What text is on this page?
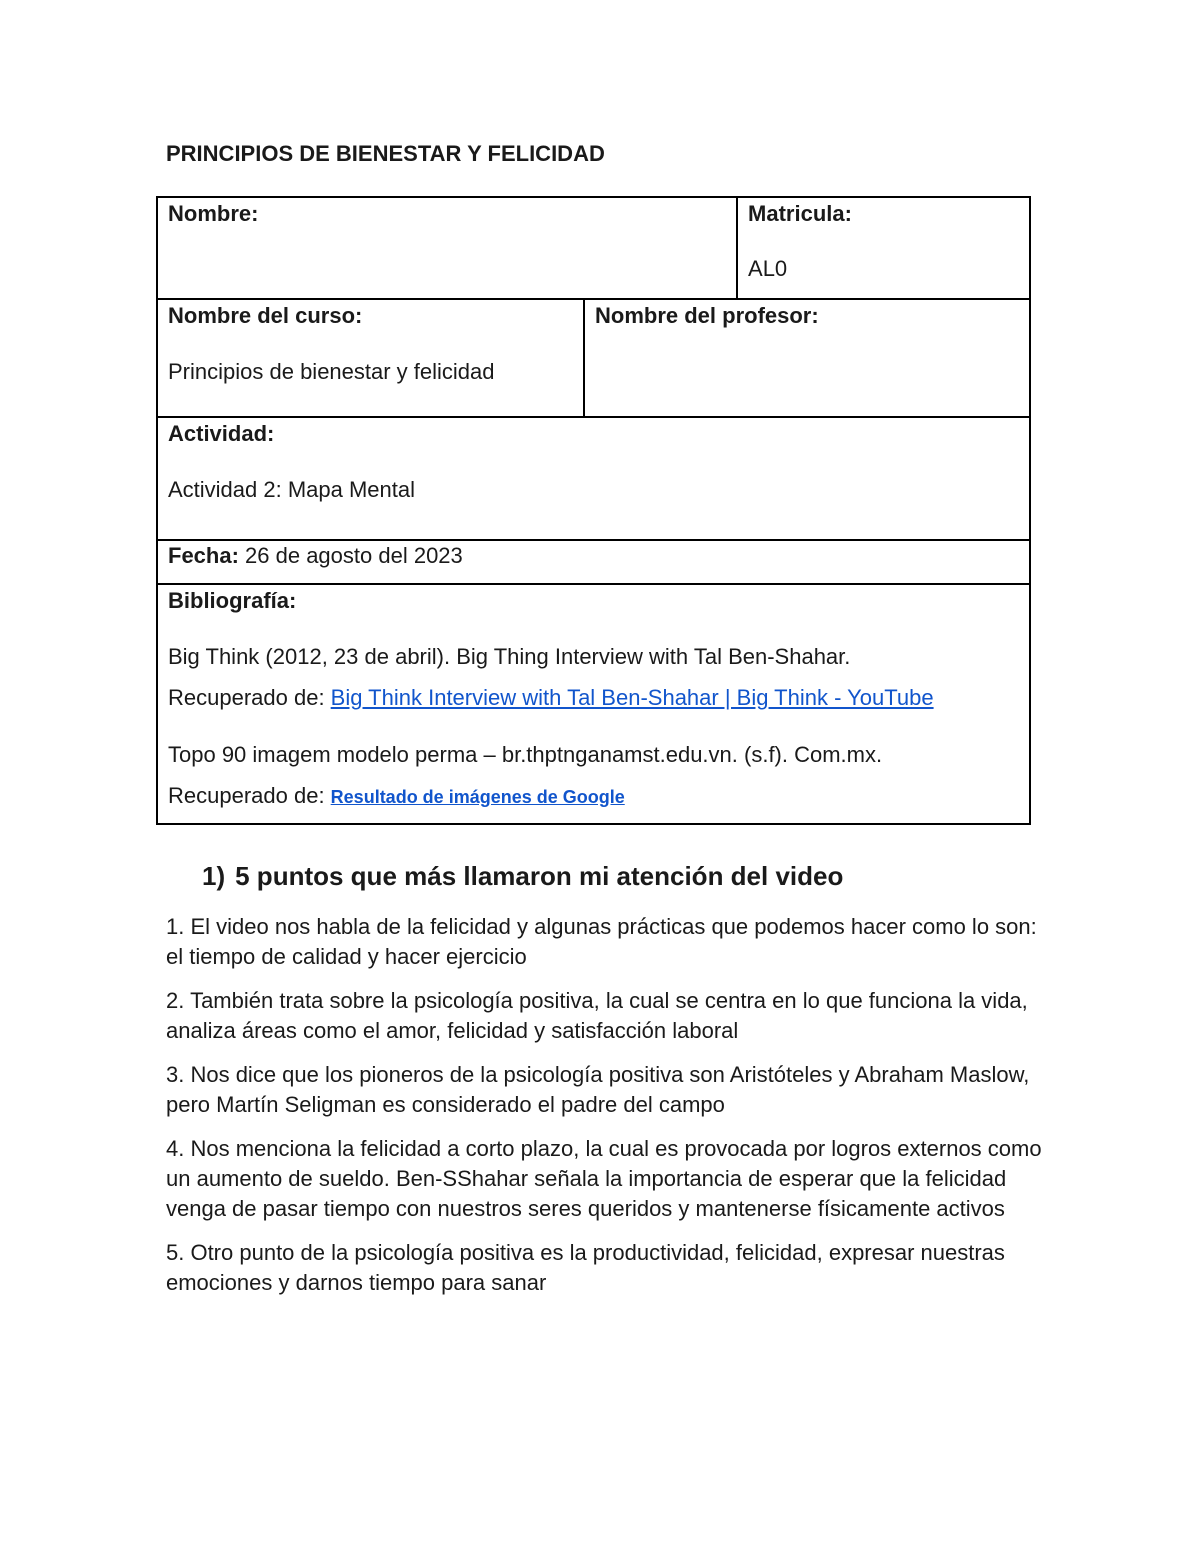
PRINCIPIOS DE BIENESTAR Y FELICIDAD
Nombre:		Matricula:
AL0

Nombre del curso:
Principios de bienestar y felicidad	Nombre del profesor:	

Actividad:
Actividad 2: Mapa Mental		

Fecha: 26 de agosto del 2023		

Bibliografía:
Big Think (2012, 23 de abril). Big Thing Interview with Tal Ben-Shahar.
Recuperado de: Big Think Interview with Tal Ben-Shahar | Big Think - YouTube
Topo 90 imagem modelo perma – br.thptnganamst.edu.vn. (s.f). Com.mx.
Recuperado de: Resultado de imágenes de Google		
1) 5 puntos que más llamaron mi atención del video

1. El video nos habla de la felicidad y algunas prácticas que podemos hacer como lo son: el tiempo de calidad y hacer ejercicio

2. También trata sobre la psicología positiva, la cual se centra en lo que funciona la vida, analiza áreas como el amor, felicidad y satisfacción laboral

3. Nos dice que los pioneros de la psicología positiva son Aristóteles y Abraham Maslow, pero Martín Seligman es considerado el padre del campo

4. Nos menciona la felicidad a corto plazo, la cual es provocada por logros externos como un aumento de sueldo. Ben-SShahar señala la importancia de esperar que la felicidad venga de pasar tiempo con nuestros seres queridos y mantenerse físicamente activos

5. Otro punto de la psicología positiva es la productividad, felicidad, expresar nuestras emociones y darnos tiempo para sanar
